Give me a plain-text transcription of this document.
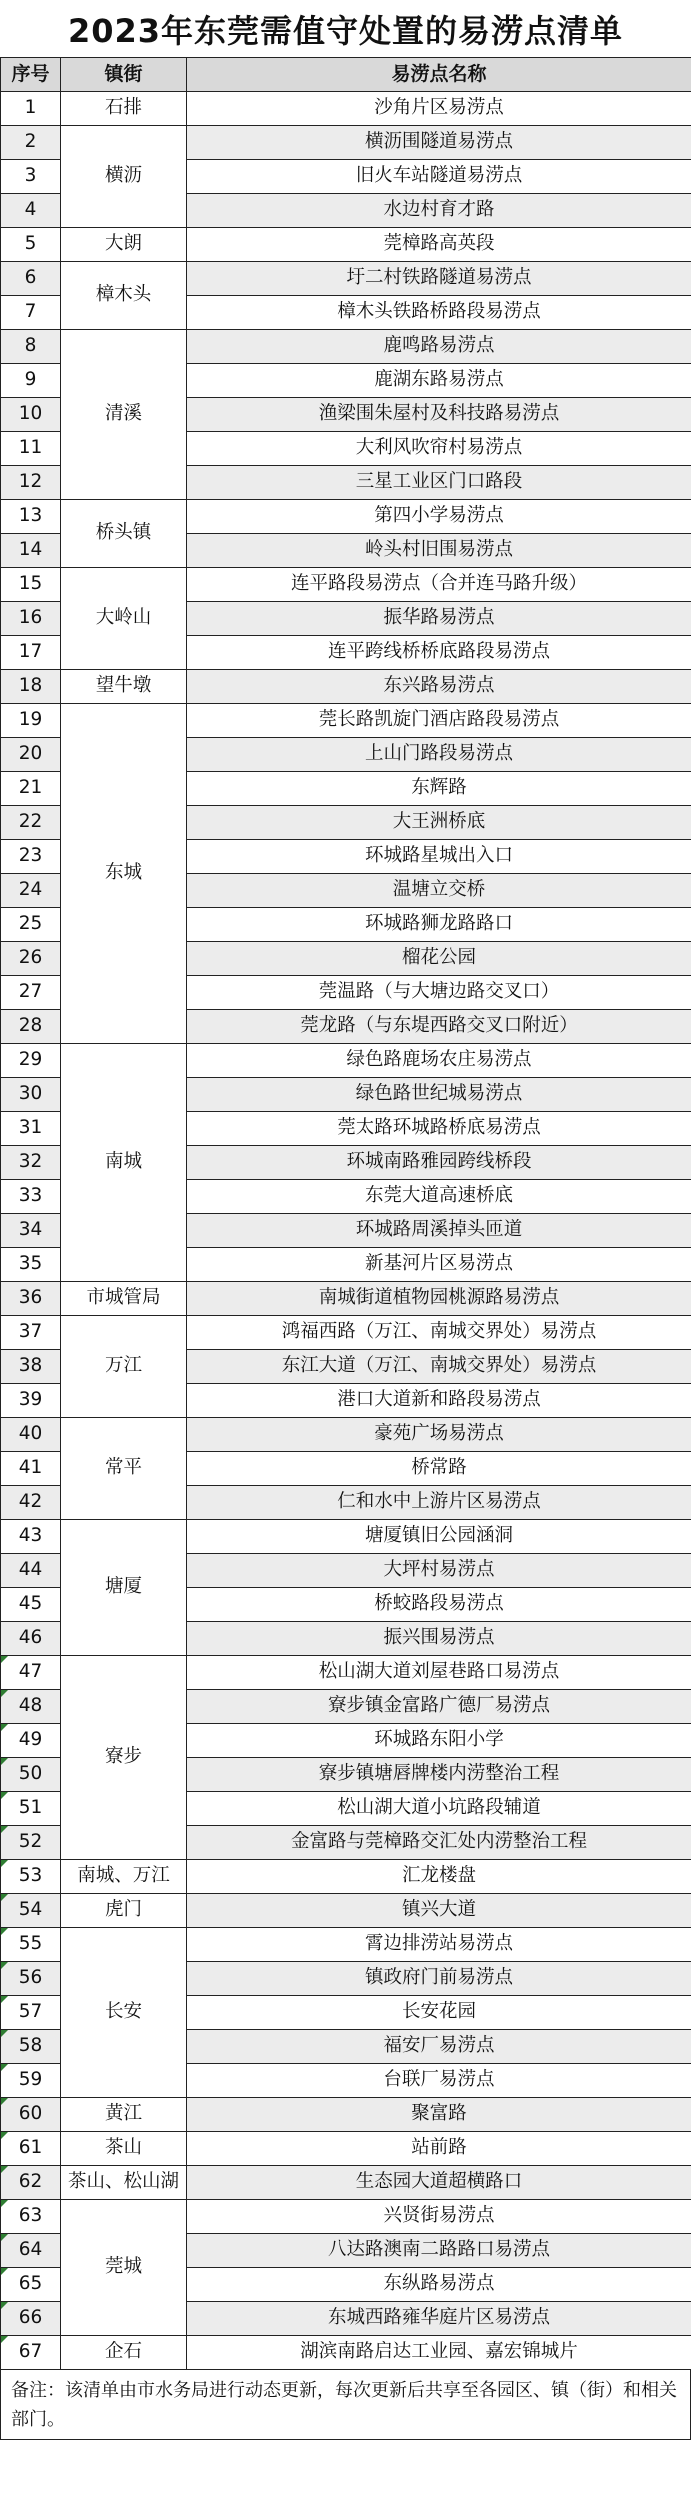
2023年东莞需值守处置的易涝点清单
序号	镇街	易涝点名称
1	石排	沙角片区易涝点
2	横沥	横沥围隧道易涝点
3		旧火车站隧道易涝点
4		水边村育才路
5	大朗	莞樟路高英段
6	樟木头	圩二村铁路隧道易涝点
7		樟木头铁路桥路段易涝点
8	清溪	鹿鸣路易涝点
9		鹿湖东路易涝点
10		渔梁围朱屋村及科技路易涝点
11		大利风吹帘村易涝点
12		三星工业区门口路段
13	桥头镇	第四小学易涝点
14		岭头村旧围易涝点
15	大岭山	连平路段易涝点（合并连马路升级）
16		振华路易涝点
17		连平跨线桥桥底路段易涝点
18	望牛墩	东兴路易涝点
19	东城	莞长路凯旋门酒店路段易涝点
20		上山门路段易涝点
21		东辉路
22		大王洲桥底
23		环城路星城出入口
24		温塘立交桥
25		环城路狮龙路路口
26		榴花公园
27		莞温路（与大塘边路交叉口）
28		莞龙路（与东堤西路交叉口附近）
29	南城	绿色路鹿场农庄易涝点
30		绿色路世纪城易涝点
31		莞太路环城路桥底易涝点
32		环城南路雅园跨线桥段
33		东莞大道高速桥底
34		环城路周溪掉头匝道
35		新基河片区易涝点
36	市城管局	南城街道植物园桃源路易涝点
37	万江	鸿福西路（万江、南城交界处）易涝点
38		东江大道（万江、南城交界处）易涝点
39		港口大道新和路段易涝点
40	常平	豪苑广场易涝点
41		桥常路
42		仁和水中上游片区易涝点
43	塘厦	塘厦镇旧公园涵洞
44		大坪村易涝点
45		桥蛟路段易涝点
46		振兴围易涝点

47	寮步	松山湖大道刘屋巷路口易涝点

48		寮步镇金富路广德厂易涝点

49		环城路东阳小学

50		寮步镇塘唇牌楼内涝整治工程

51		松山湖大道小坑路段辅道

52		金富路与莞樟路交汇处内涝整治工程

53	南城、万江	汇龙楼盘

54	虎门	镇兴大道

55	长安	霄边排涝站易涝点

56		镇政府门前易涝点

57		长安花园

58		福安厂易涝点

59		台联厂易涝点

60	黄江	聚富路

61	茶山	站前路

62	茶山、松山湖	生态园大道超横路口

63	莞城	兴贤街易涝点

64		八达路澳南二路路口易涝点

65		东纵路易涝点

66		东城西路雍华庭片区易涝点

67	企石	湖滨南路启达工业园、嘉宏锦城片
备注：该清单由市水务局进行动态更新，每次更新后共享至各园区、镇（街）和相关部门。
